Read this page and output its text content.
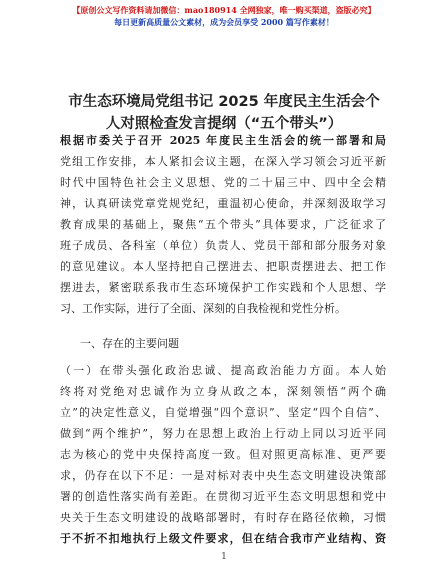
【原创公文写作资料请加微信：mao180914 全网独家，唯一购买渠道，盗版必究】
每日更新高质量公文素材，成为会员享受 2000 篇写作素材！
市生态环境局党组书记 2025 年度民主生活会个
人对照检查发言提纲（“五个带头”）
根据市委关于召开 2025 年度民主生活会的统一部署和局
党组工作安排，本人紧扣会议主题，在深入学习领会习近平新
时代中国特色社会主义思想、党的二十届三中、四中全会精
神，认真研读党章党规党纪，重温初心使命，并深刻汲取学习
教育成果的基础上，聚焦“五个带头”具体要求，广泛征求了
班子成员、各科室（单位）负责人、党员干部和部分服务对象
的意见建议。本人坚持把自己摆进去、把职责摆进去、把工作
摆进去，紧密联系我市生态环境保护工作实践和个人思想、学
习、工作实际，进行了全面、深刻的自我检视和党性分析。
一、存在的主要问题
（一）在带头强化政治忠诚、提高政治能力方面。本人始
终将对党绝对忠诚作为立身从政之本，深刻领悟“两个确
立”的决定性意义，自觉增强“四个意识”、坚定“四个自信”、
做到“两个维护”，努力在思想上政治上行动上同以习近平同
志为核心的党中央保持高度一致。但对照更高标准、更严要
求，仍存在以下不足：一是对标对表中央生态文明建设决策部
署的创造性落实尚有差距。在贯彻习近平生态文明思想和党中
央关于生态文明建设的战略部署时，有时存在路径依赖，习惯
于不折不扣地执行上级文件要求，但在结合我市产业结构、资
1
